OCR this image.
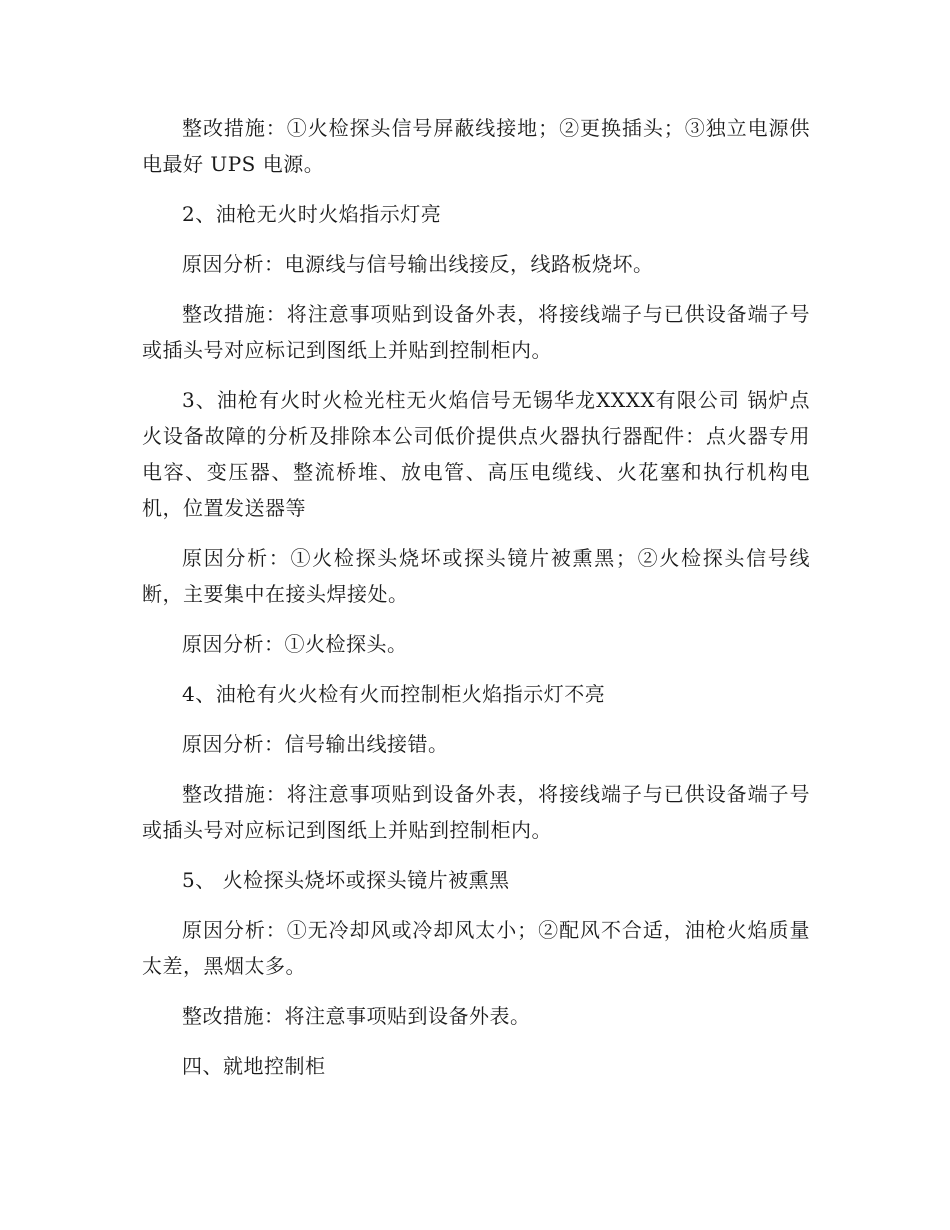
整改措施：①火检探头信号屏蔽线接地；②更换插头；③独立电源供电最好 UPS 电源。

2、油枪无火时火焰指示灯亮

原因分析：电源线与信号输出线接反，线路板烧坏。

整改措施：将注意事项贴到设备外表，将接线端子与已供设备端子号或插头号对应标记到图纸上并贴到控制柜内。

3、油枪有火时火检光柱无火焰信号无锡华龙XXXX有限公司 锅炉点火设备故障的分析及排除本公司低价提供点火器执行器配件：点火器专用电容、变压器、整流桥堆、放电管、高压电缆线、火花塞和执行机构电机，位置发送器等

原因分析：①火检探头烧坏或探头镜片被熏黑；②火检探头信号线断，主要集中在接头焊接处。

原因分析：①火检探头。

4、油枪有火火检有火而控制柜火焰指示灯不亮

原因分析：信号输出线接错。

整改措施：将注意事项贴到设备外表，将接线端子与已供设备端子号或插头号对应标记到图纸上并贴到控制柜内。

5、 火检探头烧坏或探头镜片被熏黑

原因分析：①无冷却风或冷却风太小；②配风不合适，油枪火焰质量太差，黑烟太多。

整改措施：将注意事项贴到设备外表。

四、就地控制柜
